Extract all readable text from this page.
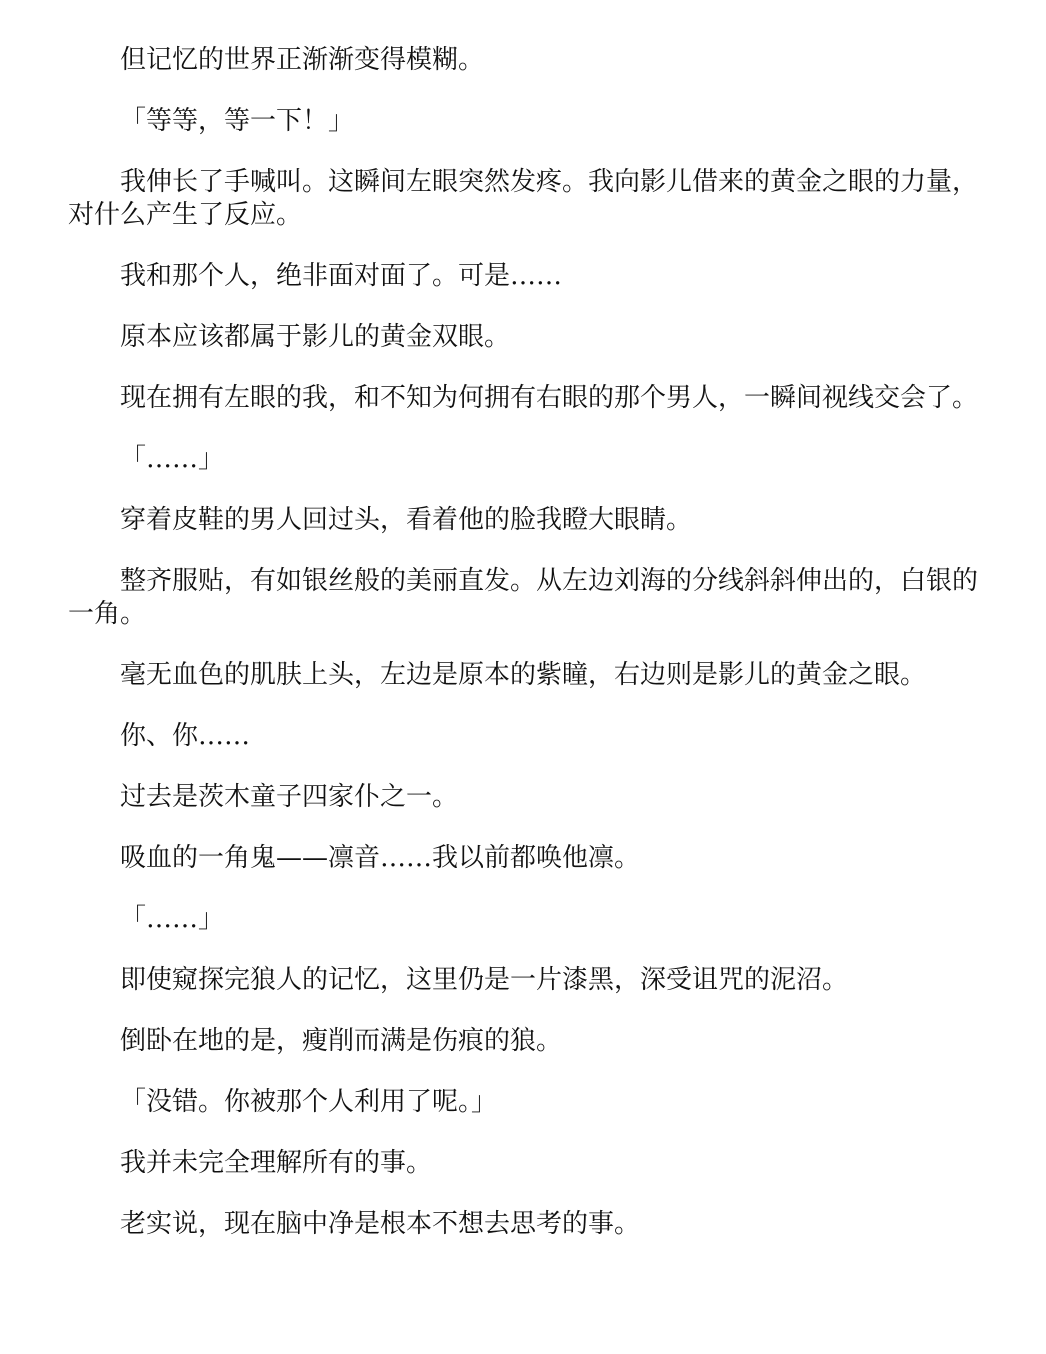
但记忆的世界正渐渐变得模糊。

「等等，等一下！」

我伸长了手喊叫。这瞬间左眼突然发疼。我向影儿借来的黄金之眼的力量，对什么产生了反应。

我和那个人，绝非面对面了。可是……

原本应该都属于影儿的黄金双眼。

现在拥有左眼的我，和不知为何拥有右眼的那个男人，一瞬间视线交会了。

「……」

穿着皮鞋的男人回过头，看着他的脸我瞪大眼睛。

整齐服贴，有如银丝般的美丽直发。从左边刘海的分线斜斜伸出的，白银的一角。

毫无血色的肌肤上头，左边是原本的紫瞳，右边则是影儿的黄金之眼。

你、你……

过去是茨木童子四家仆之一。

吸血的一角鬼——凛音……我以前都唤他凛。

「……」

即使窥探完狼人的记忆，这里仍是一片漆黑，深受诅咒的泥沼。

倒卧在地的是，瘦削而满是伤痕的狼。

「没错。你被那个人利用了呢。」

我并未完全理解所有的事。

老实说，现在脑中净是根本不想去思考的事。
